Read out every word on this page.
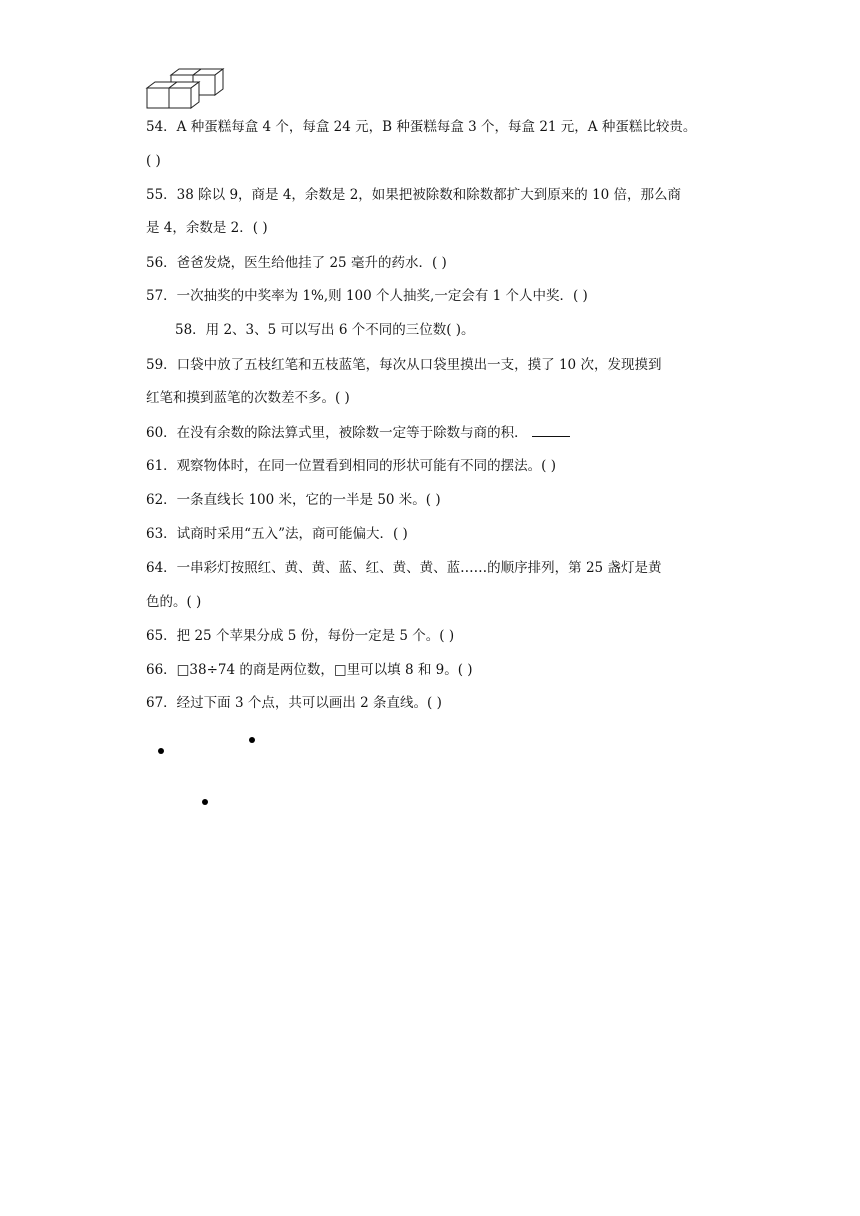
54．A 种蛋糕每盒 4 个，每盒 24 元，B 种蛋糕每盒 3 个，每盒 21 元，A 种蛋糕比较贵。
( )
55．38 除以 9，商是 4，余数是 2，如果把被除数和除数都扩大到原来的 10 倍，那么商
是 4，余数是 2．( )
56．爸爸发烧，医生给他挂了 25 毫升的药水．( )
57．一次抽奖的中奖率为 1%,则 100 个人抽奖,一定会有 1 个人中奖．( )
58．用 2、3、5 可以写出 6 个不同的三位数( )。
59．口袋中放了五枝红笔和五枝蓝笔，每次从口袋里摸出一支，摸了 10 次，发现摸到
红笔和摸到蓝笔的次数差不多。( )
60．在没有余数的除法算式里，被除数一定等于除数与商的积．
61．观察物体时，在同一位置看到相同的形状可能有不同的摆法。( )
62．一条直线长 100 米，它的一半是 50 米。( )
63．试商时采用“五入”法，商可能偏大．( )
64．一串彩灯按照红、黄、黄、蓝、红、黄、黄、蓝……的顺序排列，第 25 盏灯是黄
色的。( )
65．把 25 个苹果分成 5 份，每份一定是 5 个。( )
66．□38÷74 的商是两位数，□里可以填 8 和 9。( )
67．经过下面 3 个点，共可以画出 2 条直线。( )
